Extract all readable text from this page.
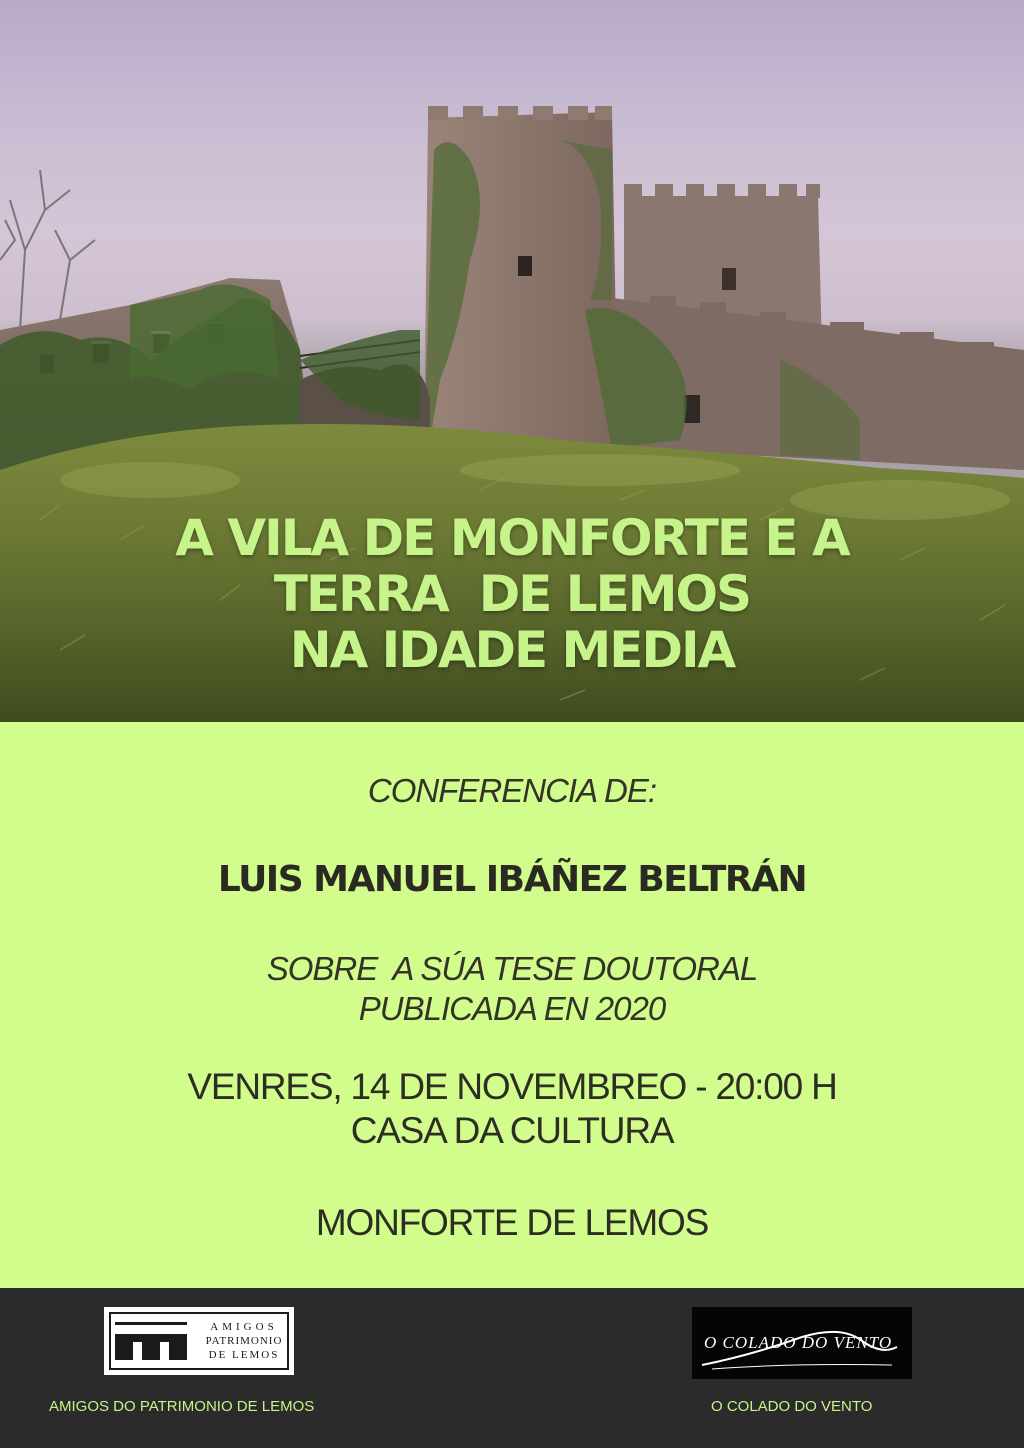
A VILA DE MONFORTE E A
TERRA  DE LEMOS
NA IDADE MEDIA
CONFERENCIA DE:
LUIS MANUEL IBÁÑEZ BELTRÁN
SOBRE  A SÚA TESE DOUTORAL
PUBLICADA EN 2020
VENRES, 14 DE NOVEMBREO - 20:00 H
CASA DA CULTURA
MONFORTE DE LEMOS
AMIGOS
PATRIMONIO
DE LEMOS
O COLADO DO VENTO
AMIGOS DO PATRIMONIO DE LEMOS	O COLADO DO VENTO
